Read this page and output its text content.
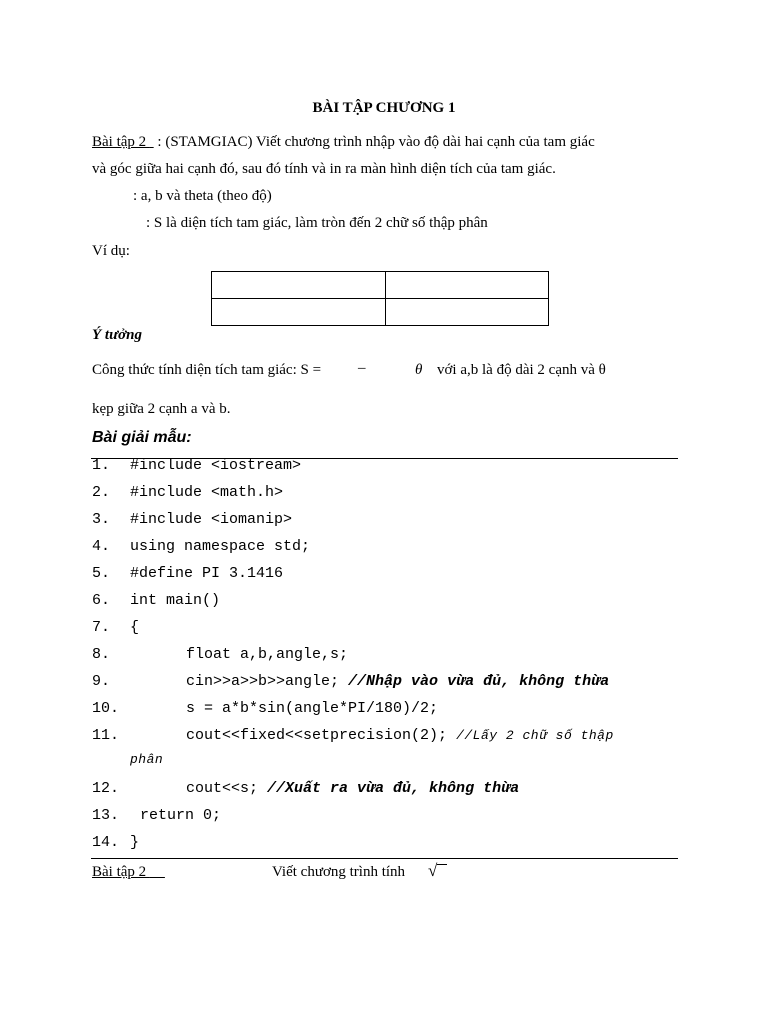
BÀI TẬP CHƯƠNG 1
Bài tập 2   : (STAMGIAC) Viết chương trình nhập vào độ dài hai cạnh của tam giác
và góc giữa hai cạnh đó, sau đó tính và in ra màn hình diện tích của tam giác.
: a, b và theta (theo độ)
: S là diện tích tam giác, làm tròn đến 2 chữ số thập phân
Ví dụ:

Ý tưởng
Công thức tính diện tích tam giác: S = –	θ với a,b là độ dài 2 cạnh và θ
kẹp giữa 2 cạnh a và b.
Bài giải mẫu:
1. #include <iostream>
2. #include <math.h>
3. #include <iomanip>
4. using namespace std;
5. #define PI 3.1416
6. int main()
7. {
8.	float a,b,angle,s;
9.	cin>>a>>b>>angle; //Nhập vào vừa đủ, không thừa
10.	s = a*b*sin(angle*PI/180)/2;
11.	cout<<fixed<<setprecision(2); //Lấy 2 chữ số thập
phân
12.	cout<<s; //Xuất ra vừa đủ, không thừa
13. return 0;
14. }
Bài tập 2	Viết chương trình tính √
